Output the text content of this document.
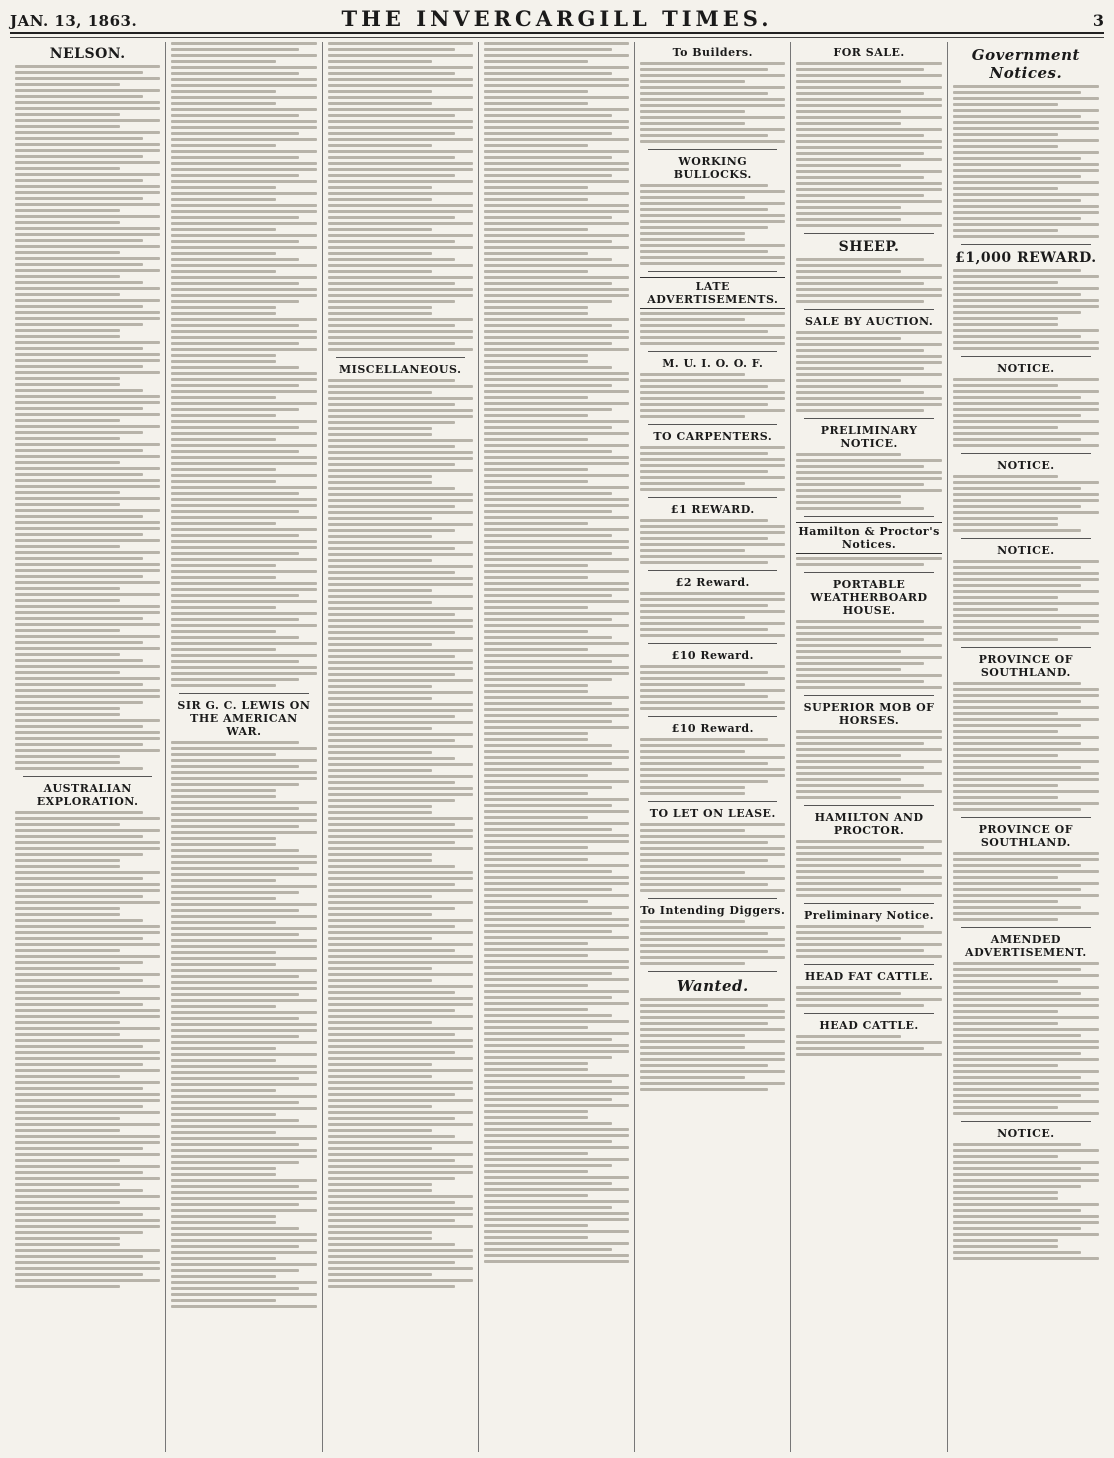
JAN. 13, 1863.	THE INVERCARGILL TIMES.	3
NELSON.
AUSTRALIAN EXPLORATION.
SIR G. C. LEWIS ON THE AMERICAN WAR.
MISCELLANEOUS.
To Builders.
WORKING BULLOCKS.
LATE ADVERTISEMENTS.
M. U. I. O. O. F.
TO CARPENTERS.
£1 REWARD.
£2 Reward.
£10 Reward.
£10 Reward.
TO LET ON LEASE.
To Intending Diggers.
Wanted.
FOR SALE.
SHEEP.
SALE BY AUCTION.
PRELIMINARY NOTICE.
Hamilton & Proctor's Notices.
PORTABLE WEATHERBOARD HOUSE.
SUPERIOR MOB OF HORSES.
HAMILTON AND PROCTOR.
Preliminary Notice.
HEAD FAT CATTLE.
HEAD CATTLE.
Government Notices.
£1,000 REWARD.
NOTICE.
NOTICE.
NOTICE.
PROVINCE OF SOUTHLAND.
PROVINCE OF SOUTHLAND.
AMENDED ADVERTISEMENT.
NOTICE.
